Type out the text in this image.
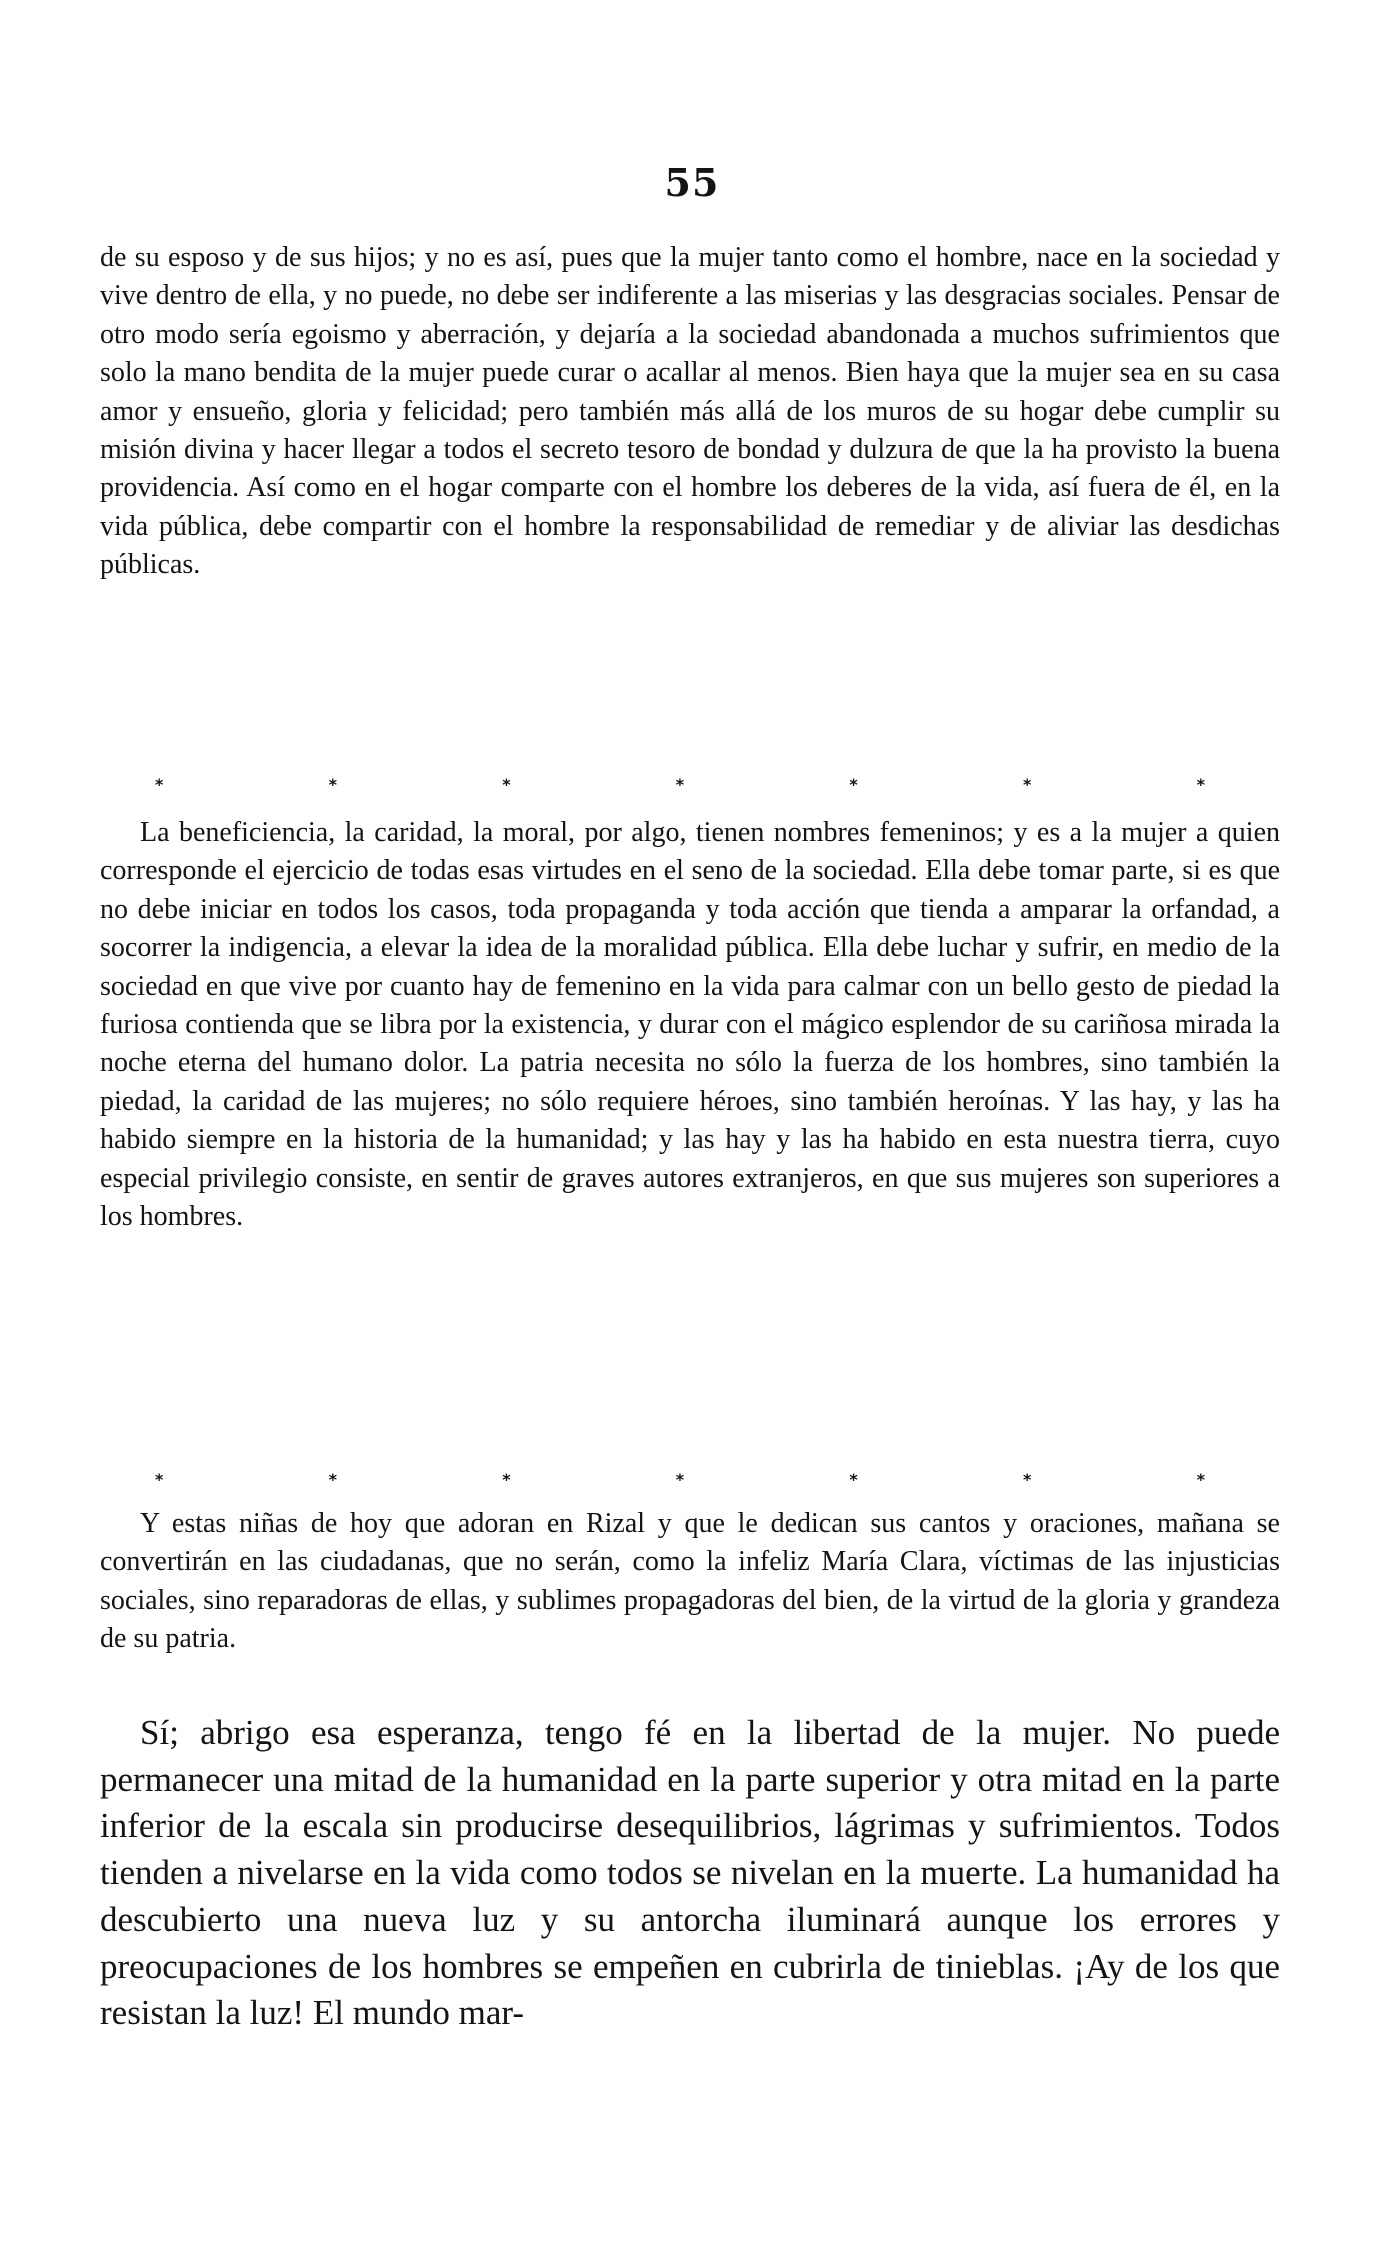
55

de su esposo y de sus hijos; y no es así, pues que la mujer tanto como el hombre, nace en la sociedad y vive dentro de ella, y no puede, no debe ser indiferente a las miserias y las desgracias sociales. Pensar de otro modo sería egoismo y aberración, y dejaría a la sociedad abandonada a muchos sufrimientos que solo la mano bendita de la mujer puede curar o acallar al menos. Bien haya que la mujer sea en su casa amor y ensueño, gloria y felicidad; pero también más allá de los muros de su hogar debe cumplir su misión divina y hacer llegar a todos el secreto tesoro de bondad y dulzura de que la ha provisto la buena providencia. Así como en el hogar comparte con el hombre los deberes de la vida, así fuera de él, en la vida pública, debe compartir con el hombre la responsabilidad de remediar y de aliviar las desdichas públicas.

*	*	*	*	*	*	*

La beneficiencia, la caridad, la moral, por algo, tienen nombres femeninos; y es a la mujer a quien corresponde el ejercicio de todas esas virtudes en el seno de la sociedad. Ella debe tomar parte, si es que no debe iniciar en todos los casos, toda propaganda y toda acción que tienda a amparar la orfandad, a socorrer la indigencia, a elevar la idea de la moralidad pública. Ella debe luchar y sufrir, en medio de la sociedad en que vive por cuanto hay de femenino en la vida para calmar con un bello gesto de piedad la furiosa contienda que se libra por la existencia, y durar con el mágico esplendor de su cariñosa mirada la noche eterna del humano dolor. La patria necesita no sólo la fuerza de los hombres, sino también la piedad, la caridad de las mujeres; no sólo requiere héroes, sino también heroínas. Y las hay, y las ha habido siempre en la historia de la humanidad; y las hay y las ha habido en esta nuestra tierra, cuyo especial privilegio consiste, en sentir de graves autores extranjeros, en que sus mujeres son superiores a los hombres.

*	*	*	*	*	*	*

Y estas niñas de hoy que adoran en Rizal y que le dedican sus cantos y oraciones, mañana se convertirán en las ciudadanas, que no serán, como la infeliz María Clara, víctimas de las injusticias sociales, sino reparadoras de ellas, y sublimes propagadoras del bien, de la virtud de la gloria y grandeza de su patria.

Sí; abrigo esa esperanza, tengo fé en la libertad de la mujer. No puede permanecer una mitad de la humanidad en la parte superior y otra mitad en la parte inferior de la escala sin producirse desequilibrios, lágrimas y sufrimientos. Todos tienden a nivelarse en la vida como todos se nivelan en la muerte. La humanidad ha descubierto una nueva luz y su antorcha iluminará aunque los errores y preocupaciones de los hombres se empeñen en cubrirla de tinieblas. ¡Ay de los que resistan la luz! El mundo mar-
